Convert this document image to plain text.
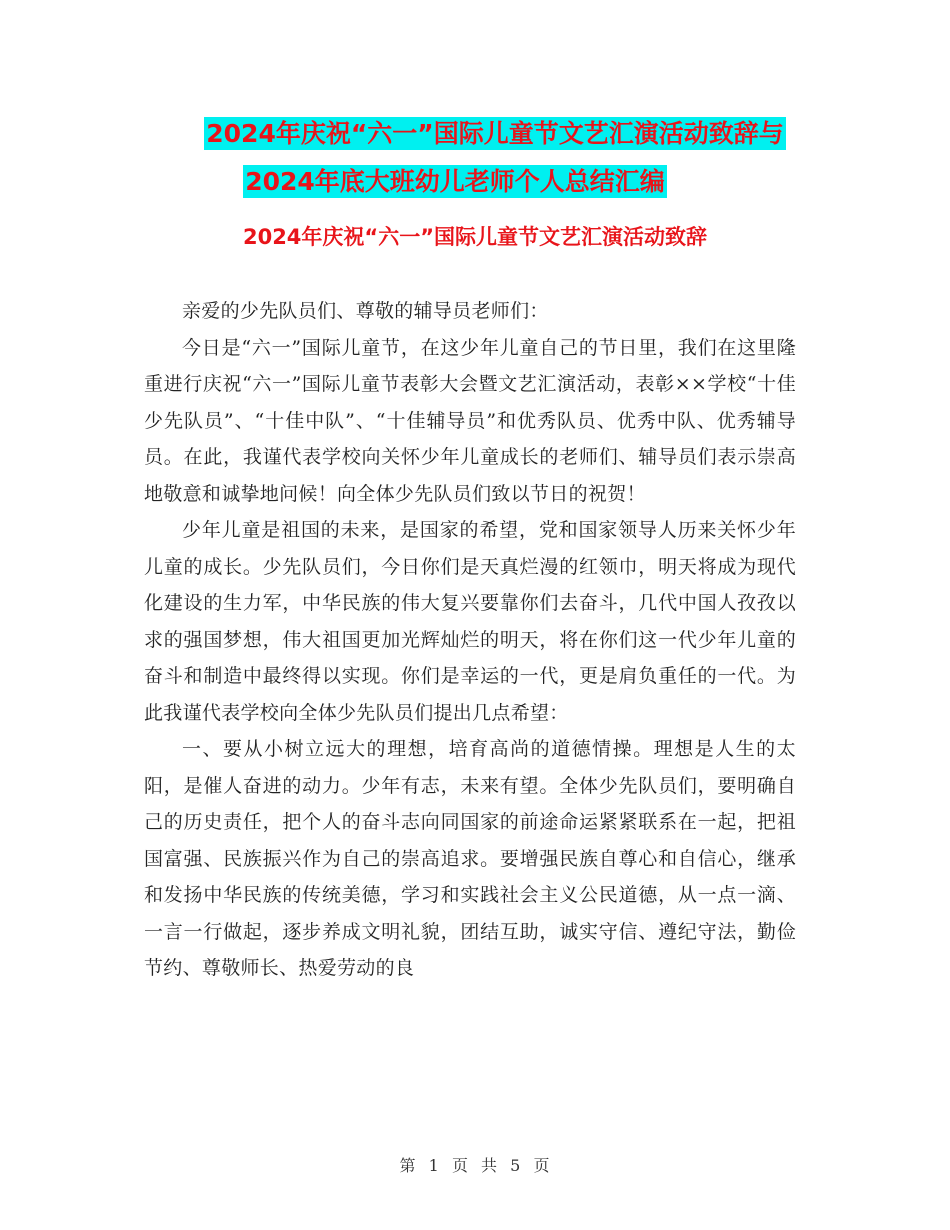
2024年庆祝“六一”国际儿童节文艺汇演活动致辞与
2024年底大班幼儿老师个人总结汇编
2024年庆祝“六一”国际儿童节文艺汇演活动致辞

亲爱的少先队员们、尊敬的辅导员老师们：

今日是“六一”国际儿童节，在这少年儿童自己的节日里，我们在这里隆重进行庆祝“六一”国际儿童节表彰大会暨文艺汇演活动，表彰××学校“十佳少先队员”、“十佳中队”、“十佳辅导员”和优秀队员、优秀中队、优秀辅导员。在此，我谨代表学校向关怀少年儿童成长的老师们、辅导员们表示崇高地敬意和诚挚地问候！向全体少先队员们致以节日的祝贺！

少年儿童是祖国的未来，是国家的希望，党和国家领导人历来关怀少年儿童的成长。少先队员们，今日你们是天真烂漫的红领巾，明天将成为现代化建设的生力军，中华民族的伟大复兴要靠你们去奋斗，几代中国人孜孜以求的强国梦想，伟大祖国更加光辉灿烂的明天，将在你们这一代少年儿童的奋斗和制造中最终得以实现。你们是幸运的一代，更是肩负重任的一代。为此我谨代表学校向全体少先队员们提出几点希望：

一、要从小树立远大的理想，培育高尚的道德情操。理想是人生的太阳，是催人奋进的动力。少年有志，未来有望。全体少先队员们，要明确自己的历史责任，把个人的奋斗志向同国家的前途命运紧紧联系在一起，把祖国富强、民族振兴作为自己的崇高追求。要增强民族自尊心和自信心，继承和发扬中华民族的传统美德，学习和实践社会主义公民道德，从一点一滴、一言一行做起，逐步养成文明礼貌，团结互助，诚实守信、遵纪守法，勤俭节约、尊敬师长、热爱劳动的良

第 1 页 共 5 页
